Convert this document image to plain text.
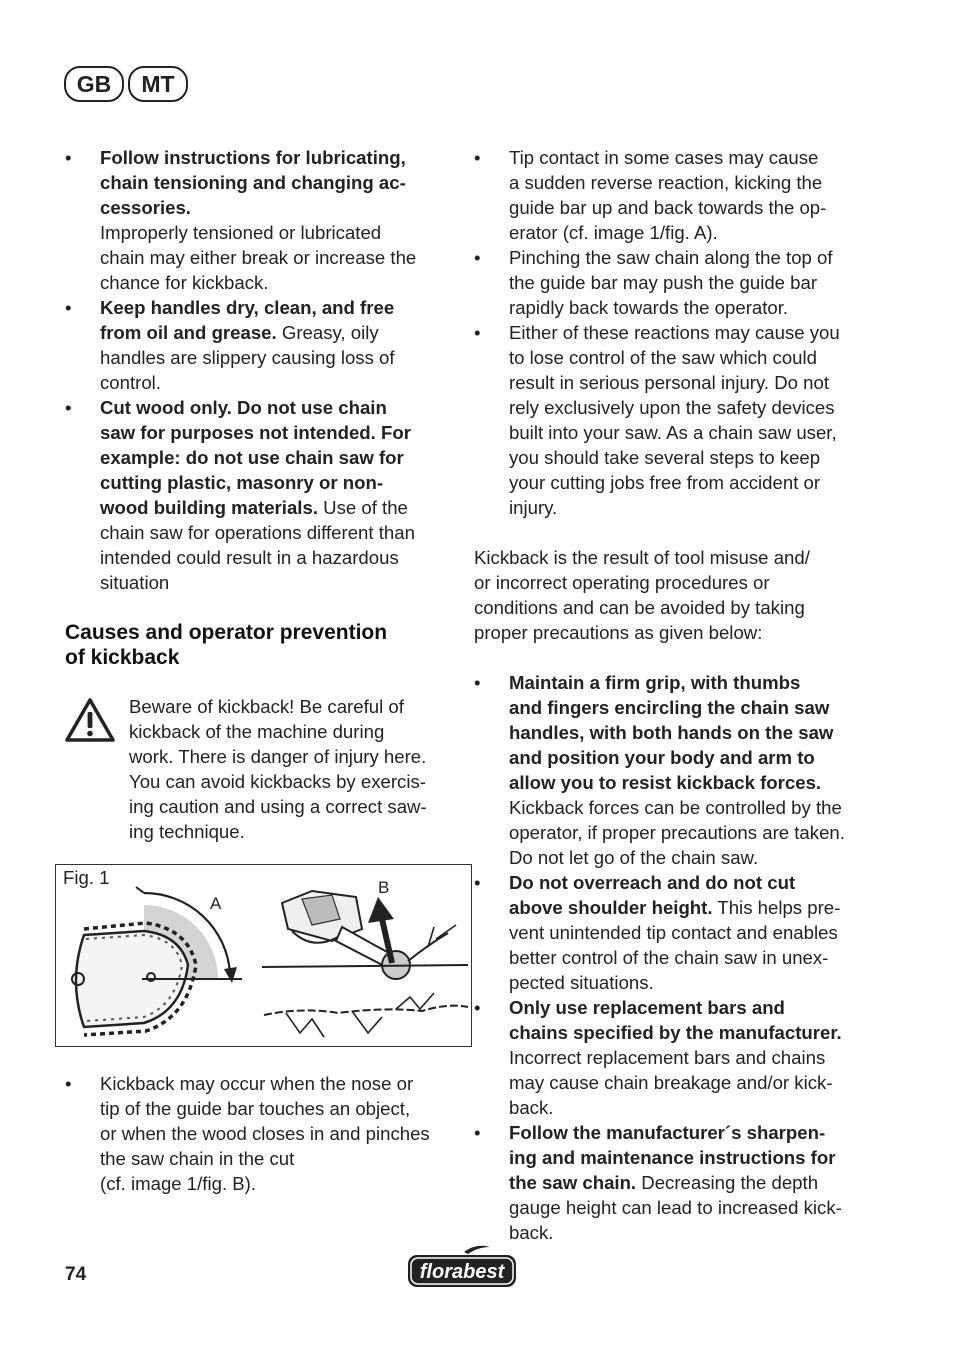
GB	MT
• Follow instructions for lubricating,
chain tensioning and changing ac-
cessories.
Improperly tensioned or lubricated
chain may either break or increase the
chance for kickback.
• Keep handles dry, clean, and free
from oil and grease. Greasy, oily
handles are slippery causing loss of
control.
• Cut wood only. Do not use chain
saw for purposes not intended. For
example: do not use chain saw for
cutting plastic, masonry or non-
wood building materials. Use of the
chain saw for operations different than
intended could result in a hazardous
situation
Causes and operator prevention
of kickback
Beware of kickback! Be careful of
kickback of the machine during
work. There is danger of injury here.
You can avoid kickbacks by exercis-
ing caution and using a correct saw-
ing technique.
Fig. 1
A
B
• Kickback may occur when the nose or
tip of the guide bar touches an object,
or when the wood closes in and pinches
the saw chain in the cut
(cf. image 1/fig. B).
• Tip contact in some cases may cause
a sudden reverse reaction, kicking the
guide bar up and back towards the op-
erator (cf. image 1/fig. A).
• Pinching the saw chain along the top of
the guide bar may push the guide bar
rapidly back towards the operator.
• Either of these reactions may cause you
to lose control of the saw which could
result in serious personal injury. Do not
rely exclusively upon the safety devices
built into your saw. As a chain saw user,
you should take several steps to keep
your cutting jobs free from accident or
injury.
Kickback is the result of tool misuse and/
or incorrect operating procedures or
conditions and can be avoided by taking
proper precautions as given below:
• Maintain a firm grip, with thumbs
and fingers encircling the chain saw
handles, with both hands on the saw
and position your body and arm to
allow you to resist kickback forces.
Kickback forces can be controlled by the
operator, if proper precautions are taken.
Do not let go of the chain saw.
• Do not overreach and do not cut
above shoulder height. This helps pre-
vent unintended tip contact and enables
better control of the chain saw in unex-
pected situations.
• Only use replacement bars and
chains specified by the manufacturer.
Incorrect replacement bars and chains
may cause chain breakage and/or kick-
back.
• Follow the manufacturer´s sharpen-
ing and maintenance instructions for
the saw chain. Decreasing the depth
gauge height can lead to increased kick-
back.
74	florabest
